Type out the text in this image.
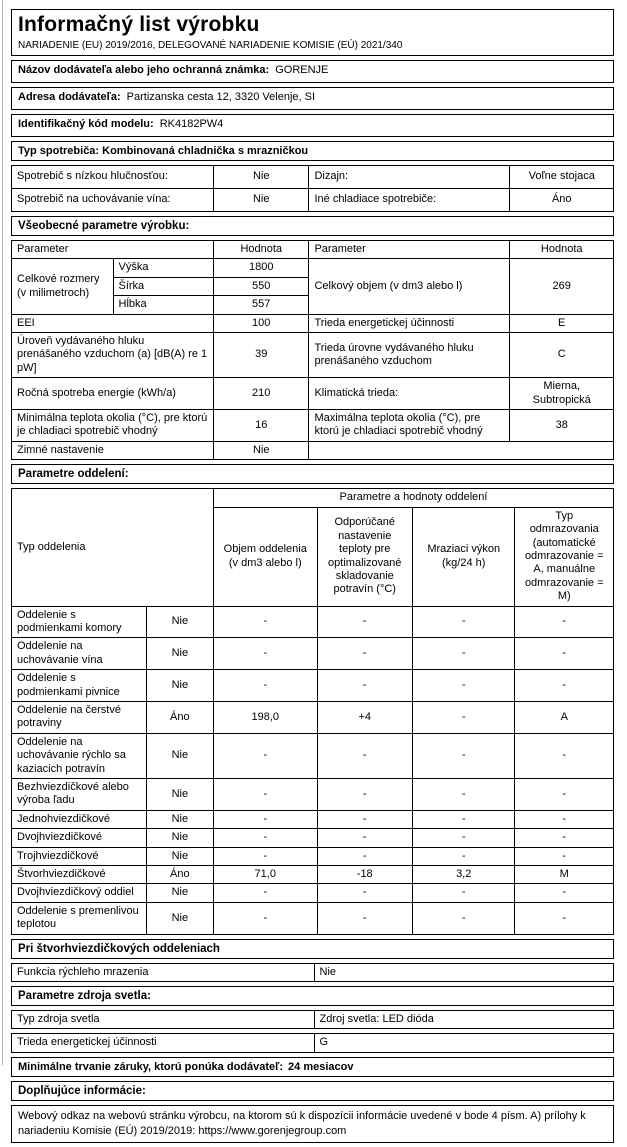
Informačný list výrobku
NARIADENIE (EU) 2019/2016, DELEGOVANÉ NARIADENIE KOMISIE (EÚ) 2021/340
Názov dodávateľa alebo jeho ochranná známka: GORENJE
Adresa dodávateľa: Partizanska cesta 12, 3320 Velenje, SI
Identifikačný kód modelu: RK4182PW4
Typ spotrebiča: Kombinovaná chladnička s mrazničkou
Spotrebič s nízkou hlučnosťou:	Nie	Dizajn:	Voľne stojaca
Spotrebič na uchovávanie vína:	Nie	Iné chladiace spotrebiče:	Áno
Všeobecné parametre výrobku:
Parameter		Hodnota	Parameter	Hodnota
Celkové rozmery (v milimetroch)	Výška	1800	Celkový objem (v dm3 alebo l)	269
	Šírka	550		
	Hĺbka	557		
EEI		100	Trieda energetickej účinnosti	E
Úroveň vydávaného hluku prenášaného vzduchom (a) [dB(A) re 1 pW]		39	Trieda úrovne vydávaného hluku prenášaného vzduchom	C
Ročná spotreba energie (kWh/a)		210	Klimatická trieda:	Mierna, Subtropická
Minimálna teplota okolia (°C), pre ktorú je chladiaci spotrebič vhodný		16	Maximálna teplota okolia (°C), pre ktorú je chladiaci spotrebič vhodný	38
Zimné nastavenie		Nie		
Parametre oddelení:
Typ oddelenia		Parametre a hodnoty oddelení			
		Objem oddelenia (v dm3 alebo l)	Odporúčané nastavenie teploty pre optimalizované skladovanie potravín (°C)	Mraziaci výkon (kg/24 h)	Typ odmrazovania (automatické odmrazovanie = A, manuálne odmrazovanie = M)
Oddelenie s podmienkami komory	Nie	-	-	-	-
Oddelenie na uchovávanie vína	Nie	-	-	-	-
Oddelenie s podmienkami pivnice	Nie	-	-	-	-
Oddelenie na čerstvé potraviny	Áno	198,0	+4	-	A
Oddelenie na uchovávanie rýchlo sa kaziacich potravín	Nie	-	-	-	-
Bezhviezdičkové alebo výroba ľadu	Nie	-	-	-	-
Jednohviezdičkové	Nie	-	-	-	-
Dvojhviezdičkové	Nie	-	-	-	-
Trojhviezdičkové	Nie	-	-	-	-
Štvorhviezdičkové	Áno	71,0	-18	3,2	M
Dvojhviezdičkový oddiel	Nie	-	-	-	-
Oddelenie s premenlivou teplotou	Nie	-	-	-	-
Pri štvorhviezdičkových oddeleniach
Funkcia rýchleho mrazenia	Nie
Parametre zdroja svetla:
Typ zdroja svetla	Zdroj svetla: LED dióda
Trieda energetickej účinnosti	G
Minimálne trvanie záruky, ktorú ponúka dodávateľ: 24 mesiacov
Doplňujúce informácie:
Webový odkaz na webovú stránku výrobcu, na ktorom sú k dispozícii informácie uvedené v bode 4 písm. A) prílohy k nariadeniu Komisie (EÚ) 2019/2019: https://www.gorenjegroup.com
